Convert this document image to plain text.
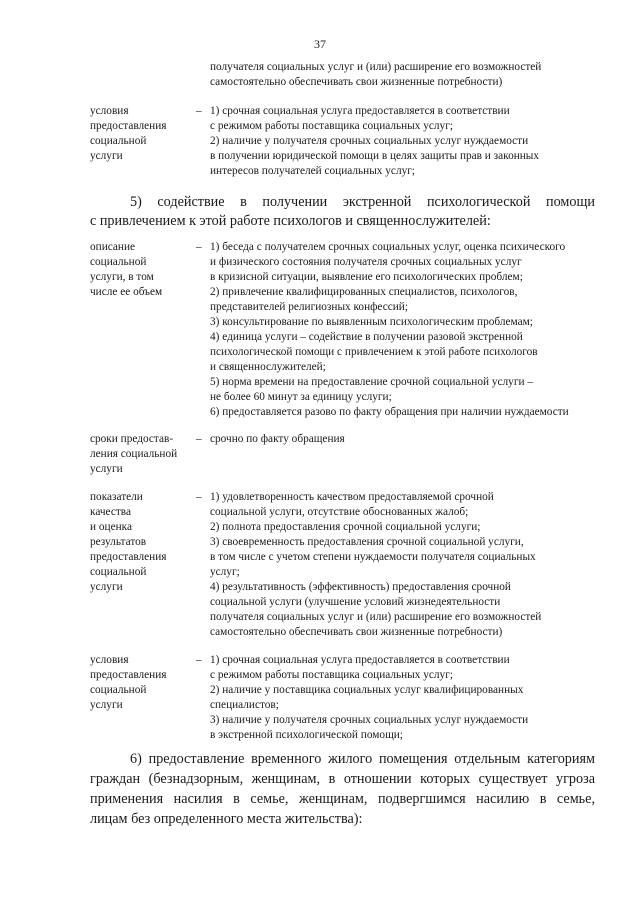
37
получателя социальных услуг и (или) расширение его возможностей
самостоятельно обеспечивать свои жизненные потребности)
условия
предоставления
социальной
услуги
– 1) срочная социальная услуга предоставляется в соответствии
с режимом работы поставщика социальных услуг;
2) наличие у получателя срочных социальных услуг нуждаемости
в получении юридической помощи в целях защиты прав и законных
интересов получателей социальных услуг;
5) содействие в получении экстренной психологической помощи
с привлечением к этой работе психологов и священнослужителей:
описание
социальной
услуги, в том
числе ее объем
– 1) беседа с получателем срочных социальных услуг, оценка психического
и физического состояния получателя срочных социальных услуг
в кризисной ситуации, выявление его психологических проблем;
2) привлечение квалифицированных специалистов, психологов,
представителей религиозных конфессий;
3) консультирование по выявленным психологическим проблемам;
4) единица услуги – содействие в получении разовой экстренной
психологической помощи с привлечением к этой работе психологов
и священнослужителей;
5) норма времени на предоставление срочной социальной услуги –
не более 60 минут за единицу услуги;
6) предоставляется разово по факту обращения при наличии нуждаемости
сроки предостав-
ления социальной
услуги
– срочно по факту обращения
показатели
качества
и оценка
результатов
предоставления
социальной
услуги
– 1) удовлетворенность качеством предоставляемой срочной
социальной услуги, отсутствие обоснованных жалоб;
2) полнота предоставления срочной социальной услуги;
3) своевременность предоставления срочной социальной услуги,
в том числе с учетом степени нуждаемости получателя социальных
услуг;
4) результативность (эффективность) предоставления срочной
социальной услуги (улучшение условий жизнедеятельности
получателя социальных услуг и (или) расширение его возможностей
самостоятельно обеспечивать свои жизненные потребности)
условия
предоставления
социальной
услуги
– 1) срочная социальная услуга предоставляется в соответствии
с режимом работы поставщика социальных услуг;
2) наличие у поставщика социальных услуг квалифицированных
специалистов;
3) наличие у получателя срочных социальных услуг нуждаемости
в экстренной психологической помощи;
6) предоставление временного жилого помещения отдельным категориям
граждан (безнадзорным, женщинам, в отношении которых существует угроза
применения насилия в семье, женщинам, подвергшимся насилию в семье,
лицам без определенного места жительства):
